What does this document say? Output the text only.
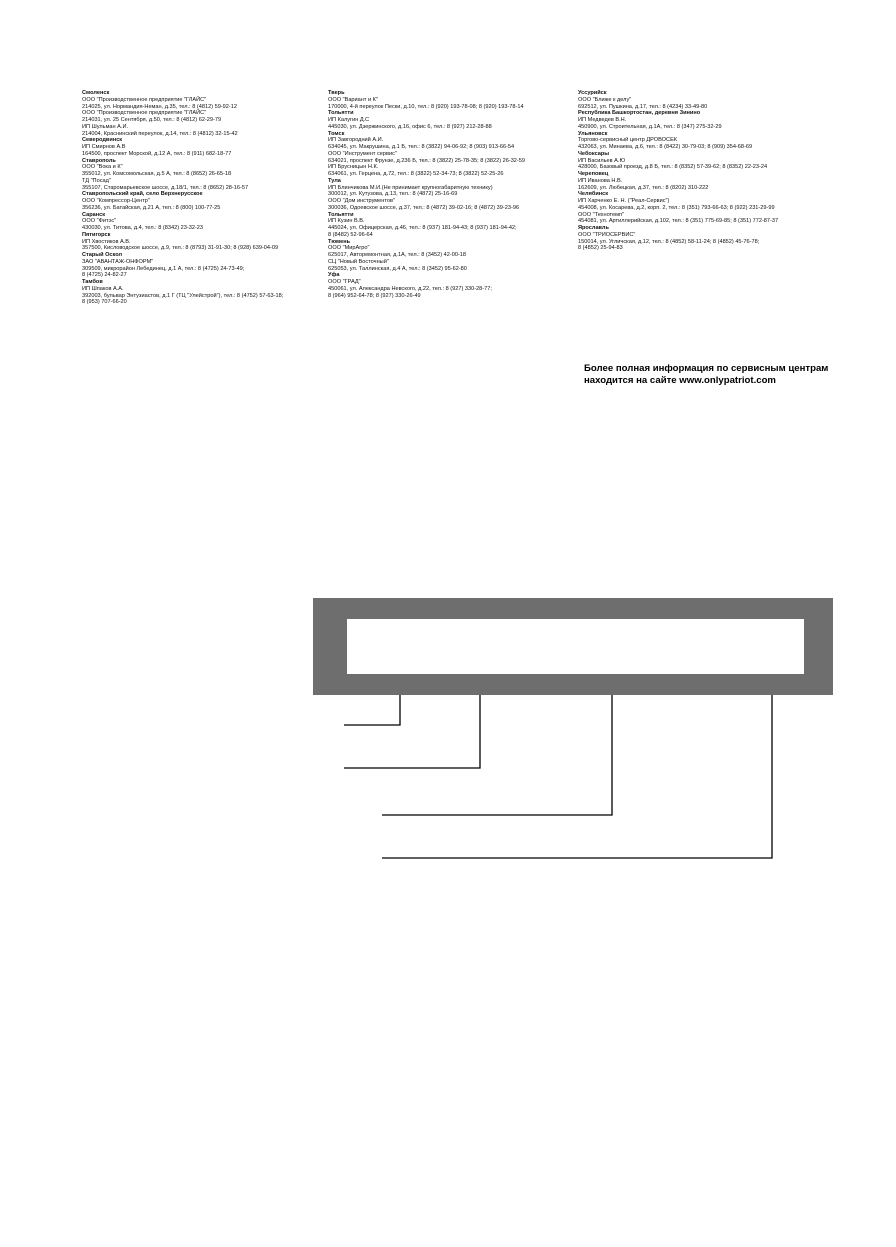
Смоленск
ООО "Производственное предприятие "ГЛАЙС"
214025, ул. Нормандия-Неман, д.35, тел.: 8 (4812) 59-92-12
ООО "Производственное предприятие "ГЛАЙС"
214031, ул. 25 Сентября, д.50, тел.: 8 (4812) 62-29-79
ИП Шульман А.И.
214004, Краснинский переулок, д.14, тел.: 8 (4812) 32-15-42
Северодвинск
ИП Смирнов А.В
164500, проспект Морской, д.12 А, тел.: 8 (911) 682-18-77
Ставрополь
ООО "Вока и К"
355012, ул. Комсомольская, д.5 А, тел.: 8 (8652) 26-65-18
ТД "Посад"
355107, Старомарьевское шоссе, д.18/1, тел.: 8 (8652) 28-16-57
Ставропольский край, село Верхнерусское
ООО "Компрессор-Центр"
356236, ул. Батайская, д.21 А, тел.: 8 (800) 100-77-25
Саранск
ООО "Фитэс"
430030, ул. Титова, д.4, тел.: 8 (8342) 23-32-23
Пятигорск
ИП Хвостиков А.В.
357500, Кисловодское шоссе, д.9, тел.: 8 (8793) 31-91-30; 8 (928) 639-04-09
Старый Оскол
ЗАО "АВАНТАЖ-ОНФОРМ"
309509, микрорайон Лебединец, д.1 А, тел.: 8 (4725) 24-73-49;
8 (4725) 24-82-27
Тамбов
ИП Шпаков А.А.
392003, бульвар Энтузиастов, д.1 Г (ТЦ "Улейстрой"), тел.: 8 (4752) 57-63-18;
8 (953) 707-66-20
Тверь
ООО "Вариант и К"
170000, 4-й переулок Пески, д.10, тел.: 8 (920) 193-78-08; 8 (920) 193-78-14
Тольятти
ИП Калугин Д.С
445030, ул. Дзержинского, д.16, офис 6, тел.: 8 (927) 212-28-88
Томск
ИП Завгородний А.И.
634045, ул. Макрушина, д.1 Б, тел.: 8 (3822) 94-06-92; 8 (903) 913-66-54
ООО "Инструмент сервис"
634021, проспект Фрунзе, д.236 Б, тел.: 8 (3822) 25-78-35; 8 (3822) 26-32-59
ИП Брусницын Н.К.
634061, ул. Герцена, д.72, тел.: 8 (3822) 52-34-73; 8 (3822) 52-25-26
Тула
ИП Блинчикова М.И.(Не принимает крупногабаритную технику)
300012, ул. Кутузова, д.13, тел.: 8 (4872) 25-16-69
ООО "Дом инструментов"
300036, Одоевское шоссе, д.37, тел.: 8 (4872) 39-02-16; 8 (4872) 39-23-96
Тольятти
ИП Кузин В.В.
445024, ул. Офицерская, д.46, тел.: 8 (937) 181-94-43; 8 (937) 181-94-42;
8 (8482) 52-96-64
Тюмень
ООО "МирАгро"
625017, Авторемонтная, д.1А, тел.: 8 (3452) 42-00-18
СЦ "Новый Восточный"
625053, ул. Таллинская, д.4 А, тел.: 8 (3452) 95-62-80
Уфа
ООО "ГРАД"
450061, ул. Александра Невского, д.22, тел.: 8 (927) 330-28-77;
8 (964) 952-64-78; 8 (927) 330-26-49
Уссурийск
ООО "Ближе к делу"
692512, ул. Пушкина, д.17, тел.: 8 (4234) 33-49-80
Республика Башкортостан, деревня Зинино
ИП Медведев В.Н.
450900, ул. Строительная, д.1А, тел.: 8 (347) 275-32-29
Ульяновск
Торгово-сервисный центр ДРОВОСЕК
432063, ул. Минаева, д.6, тел.: 8 (8422) 30-79-03; 8 (909) 354-68-69
Чебоксары
ИП Васильев А.Ю
428000, Базовый проезд, д.8 Б, тел.: 8 (8352) 57-39-62; 8 (8352) 22-23-24
Череповец
ИП Иванова Н.В.
162609, ул. Любецкая, д.37, тел.: 8 (8202) 310-222
Челябинск
ИП Харченко Е. Н. ("Реал-Сервис")
454008, ул. Косарева, д.2, корп. 2, тел.: 8 (351) 793-66-63; 8 (922) 231-29-99
ООО "Технотемп"
454081, ул. Артиллерийская, д.102, тел.: 8 (351) 775-69-85; 8 (351) 772-87-37
Ярославль
ООО "ТРИОСЕРВИС"
150014, ул. Угличская, д.12, тел.: 8 (4852) 58-11-24; 8 (4852) 45-76-78;
8 (4852) 25-94-83
Более полная информация по сервисным центрам
находится на сайте www.onlypatriot.com
